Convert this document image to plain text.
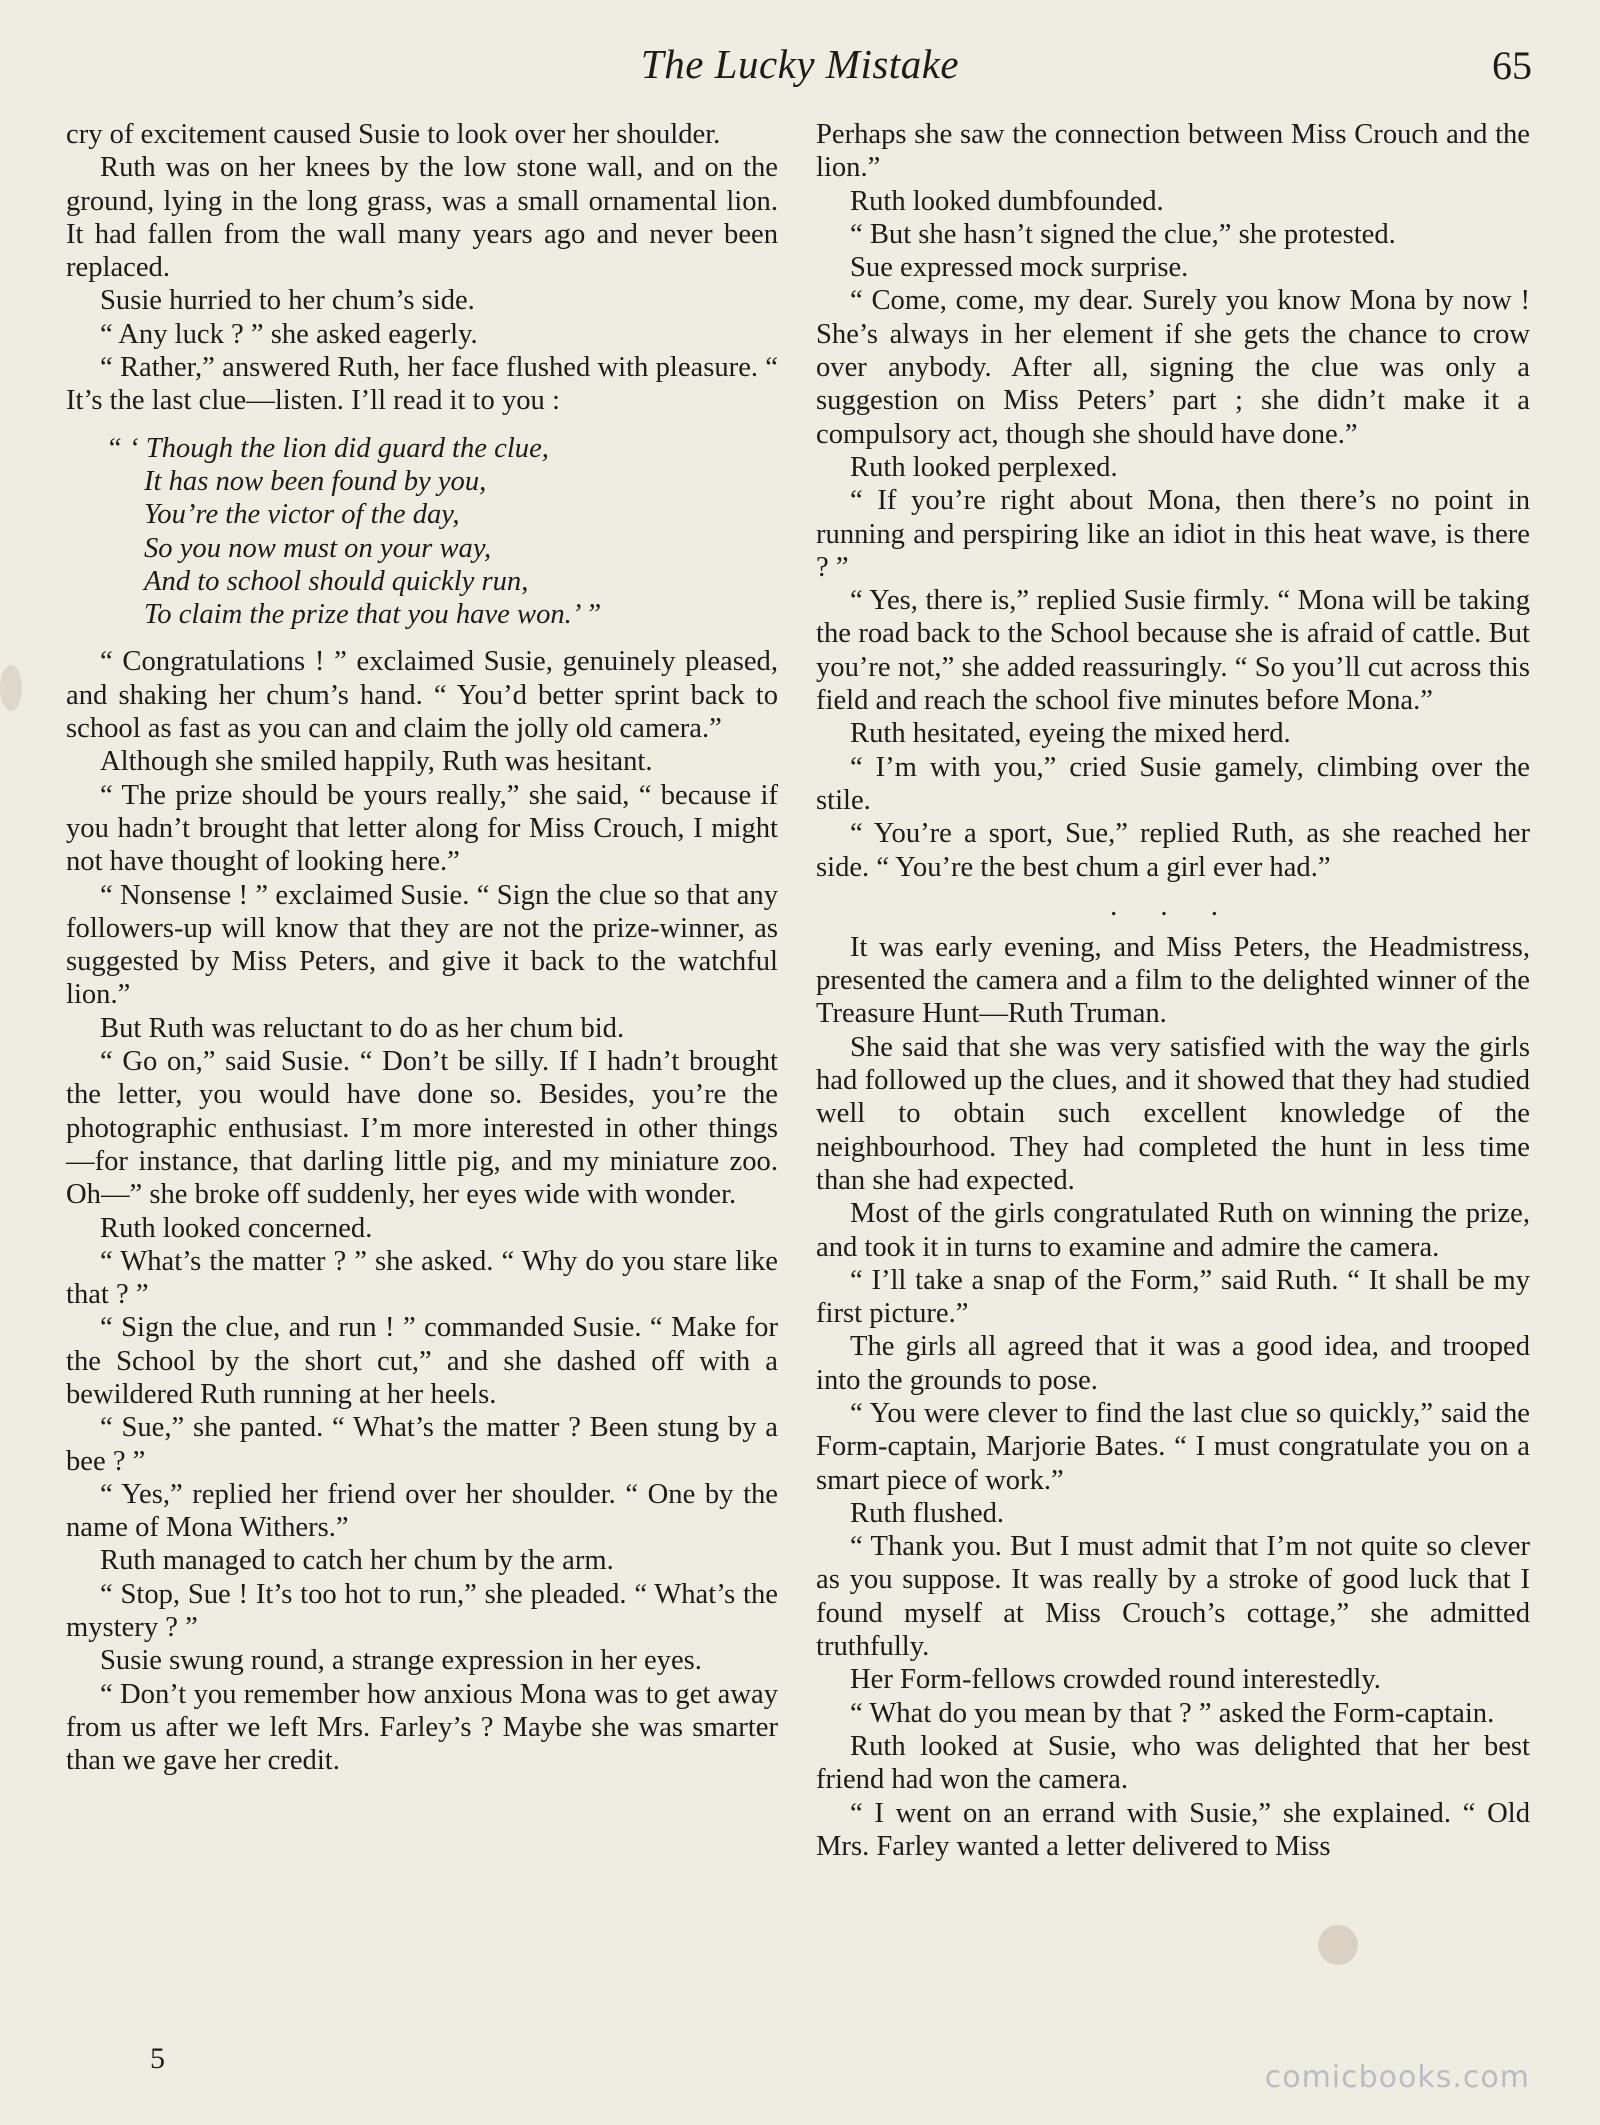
The Lucky Mistake	65

cry of excitement caused Susie to look over her shoulder.

Ruth was on her knees by the low stone wall, and on the ground, lying in the long grass, was a small ornamental lion. It had fallen from the wall many years ago and never been replaced.

Susie hurried to her chum’s side.

“ Any luck ? ” she asked eagerly.

“ Rather,” answered Ruth, her face flushed with pleasure. “ It’s the last clue—listen. I’ll read it to you :

“ ‘ Though the lion did guard the clue,
It has now been found by you,
You’re the victor of the day,
So you now must on your way,
And to school should quickly run,
To claim the prize that you have won.’ ”

“ Congratulations ! ” exclaimed Susie, genuinely pleased, and shaking her chum’s hand. “ You’d better sprint back to school as fast as you can and claim the jolly old camera.”

Although she smiled happily, Ruth was hesitant.

“ The prize should be yours really,” she said, “ because if you hadn’t brought that letter along for Miss Crouch, I might not have thought of looking here.”

“ Nonsense ! ” exclaimed Susie. “ Sign the clue so that any followers-up will know that they are not the prize-winner, as suggested by Miss Peters, and give it back to the watchful lion.”

But Ruth was reluctant to do as her chum bid.

“ Go on,” said Susie. “ Don’t be silly. If I hadn’t brought the letter, you would have done so. Besides, you’re the photographic enthusiast. I’m more interested in other things—for instance, that darling little pig, and my miniature zoo. Oh—” she broke off suddenly, her eyes wide with wonder.

Ruth looked concerned.

“ What’s the matter ? ” she asked. “ Why do you stare like that ? ”

“ Sign the clue, and run ! ” commanded Susie. “ Make for the School by the short cut,” and she dashed off with a bewildered Ruth running at her heels.

“ Sue,” she panted. “ What’s the matter ? Been stung by a bee ? ”

“ Yes,” replied her friend over her shoulder. “ One by the name of Mona Withers.”

Ruth managed to catch her chum by the arm.

“ Stop, Sue ! It’s too hot to run,” she pleaded. “ What’s the mystery ? ”

Susie swung round, a strange expression in her eyes.

“ Don’t you remember how anxious Mona was to get away from us after we left Mrs. Farley’s ? Maybe she was smarter than we gave her credit.

Perhaps she saw the connection between Miss Crouch and the lion.”

Ruth looked dumbfounded.

“ But she hasn’t signed the clue,” she protested.

Sue expressed mock surprise.

“ Come, come, my dear. Surely you know Mona by now ! She’s always in her element if she gets the chance to crow over anybody. After all, signing the clue was only a suggestion on Miss Peters’ part ; she didn’t make it a compulsory act, though she should have done.”

Ruth looked perplexed.

“ If you’re right about Mona, then there’s no point in running and perspiring like an idiot in this heat wave, is there ? ”

“ Yes, there is,” replied Susie firmly. “ Mona will be taking the road back to the School because she is afraid of cattle. But you’re not,” she added reassuringly. “ So you’ll cut across this field and reach the school five minutes before Mona.”

Ruth hesitated, eyeing the mixed herd.

“ I’m with you,” cried Susie gamely, climbing over the stile.

“ You’re a sport, Sue,” replied Ruth, as she reached her side. “ You’re the best chum a girl ever had.”

. . .

It was early evening, and Miss Peters, the Headmistress, presented the camera and a film to the delighted winner of the Treasure Hunt—Ruth Truman.

She said that she was very satisfied with the way the girls had followed up the clues, and it showed that they had studied well to obtain such excellent knowledge of the neighbourhood. They had completed the hunt in less time than she had expected.

Most of the girls congratulated Ruth on winning the prize, and took it in turns to examine and admire the camera.

“ I’ll take a snap of the Form,” said Ruth. “ It shall be my first picture.”

The girls all agreed that it was a good idea, and trooped into the grounds to pose.

“ You were clever to find the last clue so quickly,” said the Form-captain, Marjorie Bates. “ I must congratulate you on a smart piece of work.”

Ruth flushed.

“ Thank you. But I must admit that I’m not quite so clever as you suppose. It was really by a stroke of good luck that I found myself at Miss Crouch’s cottage,” she admitted truthfully.

Her Form-fellows crowded round interestedly.

“ What do you mean by that ? ” asked the Form-captain.

Ruth looked at Susie, who was delighted that her best friend had won the camera.

“ I went on an errand with Susie,” she explained. “ Old Mrs. Farley wanted a letter delivered to Miss

5
comicbooks.com
